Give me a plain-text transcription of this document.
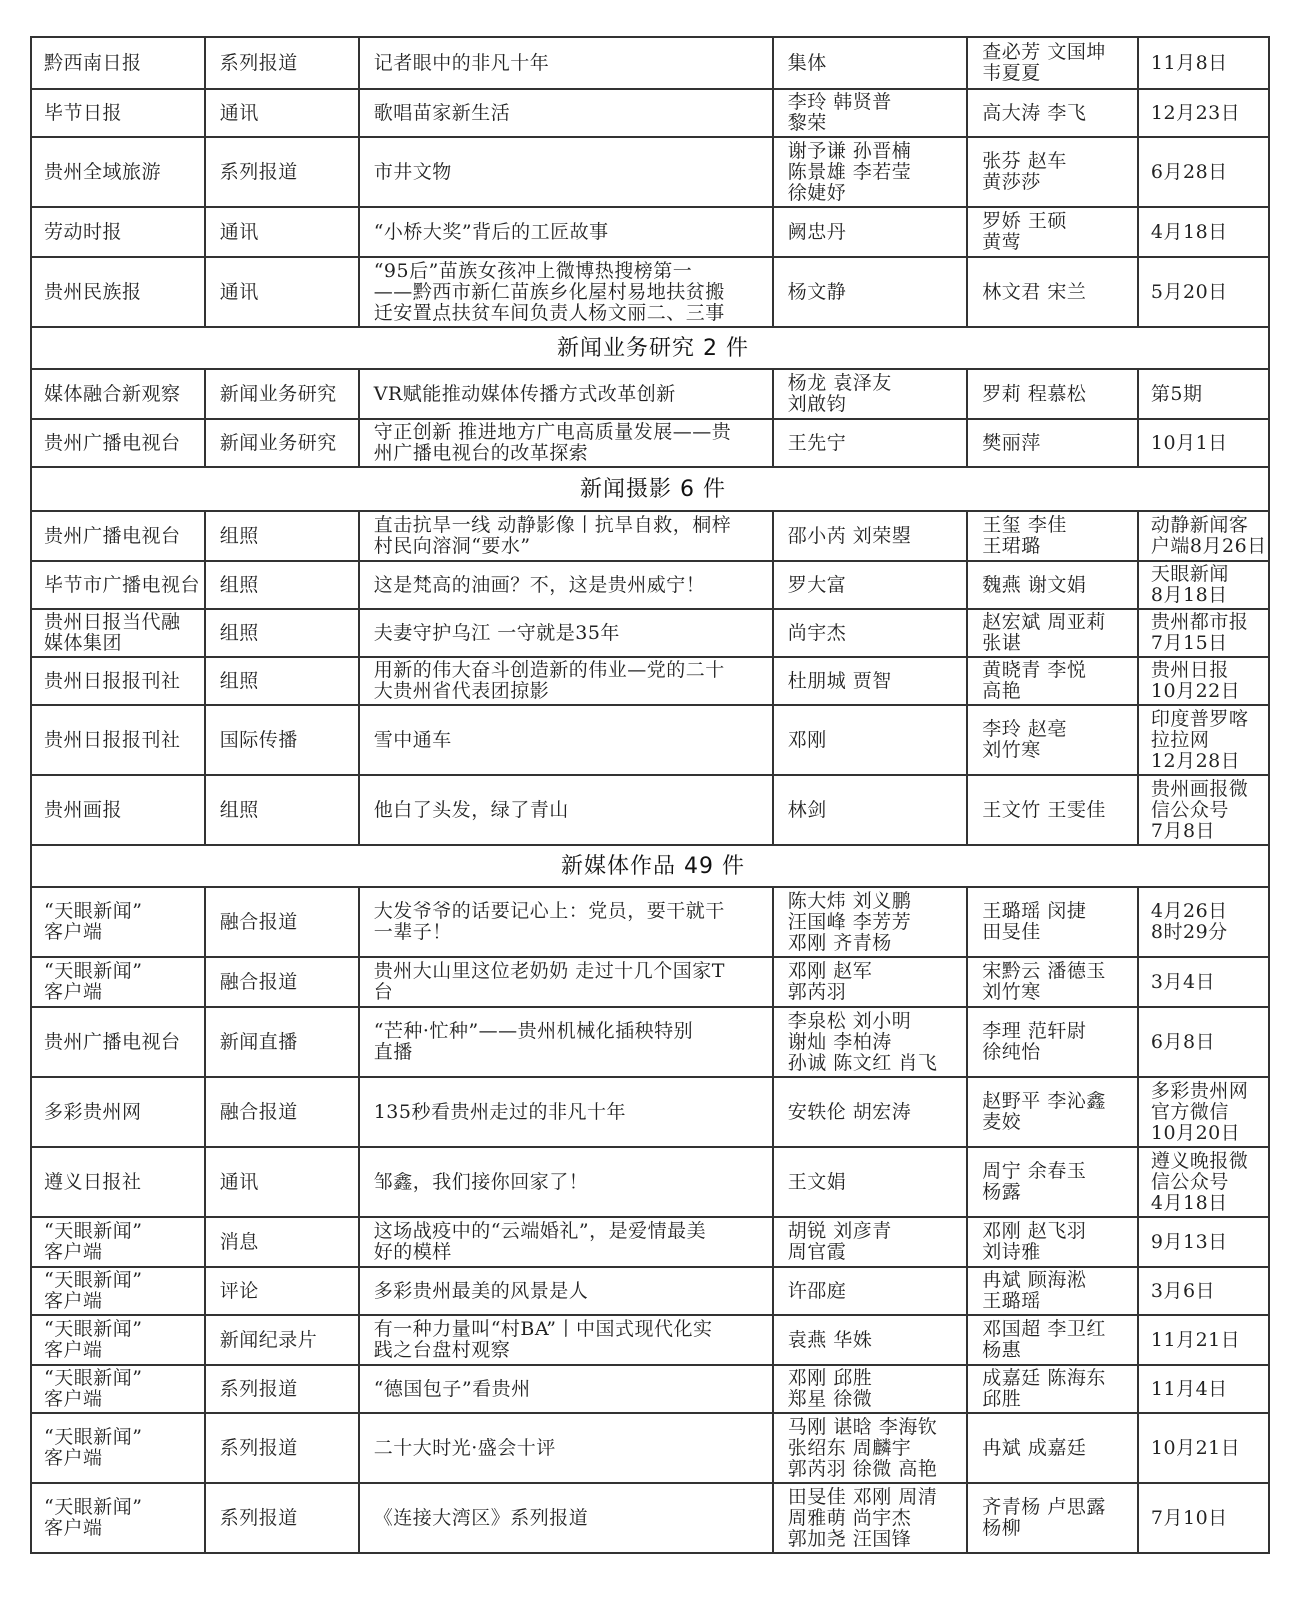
黔西南日报	系列报道	记者眼中的非凡十年	集体	查必芳 文国坤
韦夏夏	11月8日

毕节日报	通讯	歌唱苗家新生活	李玲 韩贤普
黎荣	高大涛 李飞	12月23日

贵州全域旅游	系列报道	市井文物	谢予谦 孙晋楠
陈景雄 李若莹
徐婕妤	张芬 赵车
黄莎莎	6月28日

劳动时报	通讯	“小桥大奖”背后的工匠故事	阙忠丹	罗娇 王硕
黄莺	4月18日

贵州民族报	通讯	“95后”苗族女孩冲上微博热搜榜第一
——黔西市新仁苗族乡化屋村易地扶贫搬
迁安置点扶贫车间负责人杨文丽二、三事	杨文静	林文君 宋兰	5月20日

新闻业务研究 2 件					

媒体融合新观察	新闻业务研究	VR赋能推动媒体传播方式改革创新	杨龙 袁泽友
刘啟钧	罗莉 程慕松	第5期

贵州广播电视台	新闻业务研究	守正创新 推进地方广电高质量发展——贵
州广播电视台的改革探索	王先宁	樊丽萍	10月1日

新闻摄影 6 件					

贵州广播电视台	组照	直击抗旱一线 动静影像丨抗旱自救，桐梓
村民向溶洞“要水”	邵小芮 刘荣曌	王玺 李佳
王珺璐	动静新闻客
户端8月26日

毕节市广播电视台	组照	这是梵高的油画？不，这是贵州威宁！	罗大富	魏燕 谢文娟	天眼新闻
8月18日

贵州日报当代融
媒体集团	组照	夫妻守护乌江 一守就是35年	尚宇杰	赵宏斌 周亚莉
张谌	贵州都市报
7月15日

贵州日报报刊社	组照	用新的伟大奋斗创造新的伟业—党的二十
大贵州省代表团掠影	杜朋城 贾智	黄晓青 李悦
高艳	贵州日报
10月22日

贵州日报报刊社	国际传播	雪中通车	邓刚	李玲 赵亳
刘竹寒	印度普罗喀
拉拉网
12月28日

贵州画报	组照	他白了头发，绿了青山	林剑	王文竹 王雯佳	贵州画报微
信公众号
7月8日

新媒体作品 49 件					

“天眼新闻”
客户端	融合报道	大发爷爷的话要记心上：党员，要干就干
一辈子！	陈大炜 刘义鹏
汪国峰 李芳芳
邓刚 齐青杨	王璐瑶 闵捷
田旻佳	4月26日
8时29分

“天眼新闻”
客户端	融合报道	贵州大山里这位老奶奶 走过十几个国家T
台	邓刚 赵军
郭芮羽	宋黔云 潘德玉
刘竹寒	3月4日

贵州广播电视台	新闻直播	“芒种·忙种”——贵州机械化插秧特别
直播	李泉松 刘小明
谢灿 李柏涛
孙诚 陈文红 肖飞	李理 范轩尉
徐纯怡	6月8日

多彩贵州网	融合报道	135秒看贵州走过的非凡十年	安轶伦 胡宏涛	赵野平 李沁鑫
麦姣	多彩贵州网
官方微信
10月20日

遵义日报社	通讯	邹鑫，我们接你回家了！	王文娟	周宁 余春玉
杨露	遵义晚报微
信公众号
4月18日

“天眼新闻”
客户端	消息	这场战疫中的“云端婚礼”，是爱情最美
好的模样	胡锐 刘彦青
周官霞	邓刚 赵飞羽
刘诗雅	9月13日

“天眼新闻”
客户端	评论	多彩贵州最美的风景是人	许邵庭	冉斌 顾海淞
王璐瑶	3月6日

“天眼新闻”
客户端	新闻纪录片	有一种力量叫“村BA”丨中国式现代化实
践之台盘村观察	袁燕 华姝	邓国超 李卫红
杨惠	11月21日

“天眼新闻”
客户端	系列报道	“德国包子”看贵州	邓刚 邱胜
郑星 徐微	成嘉廷 陈海东
邱胜	11月4日

“天眼新闻”
客户端	系列报道	二十大时光·盛会十评	马刚 谌晗 李海钦
张绍东 周麟宇
郭芮羽 徐微 高艳	冉斌 成嘉廷	10月21日

“天眼新闻”
客户端	系列报道	《连接大湾区》系列报道	田旻佳 邓刚 周清
周雅萌 尚宇杰
郭加尧 汪国锋	齐青杨 卢思露
杨柳	7月10日
